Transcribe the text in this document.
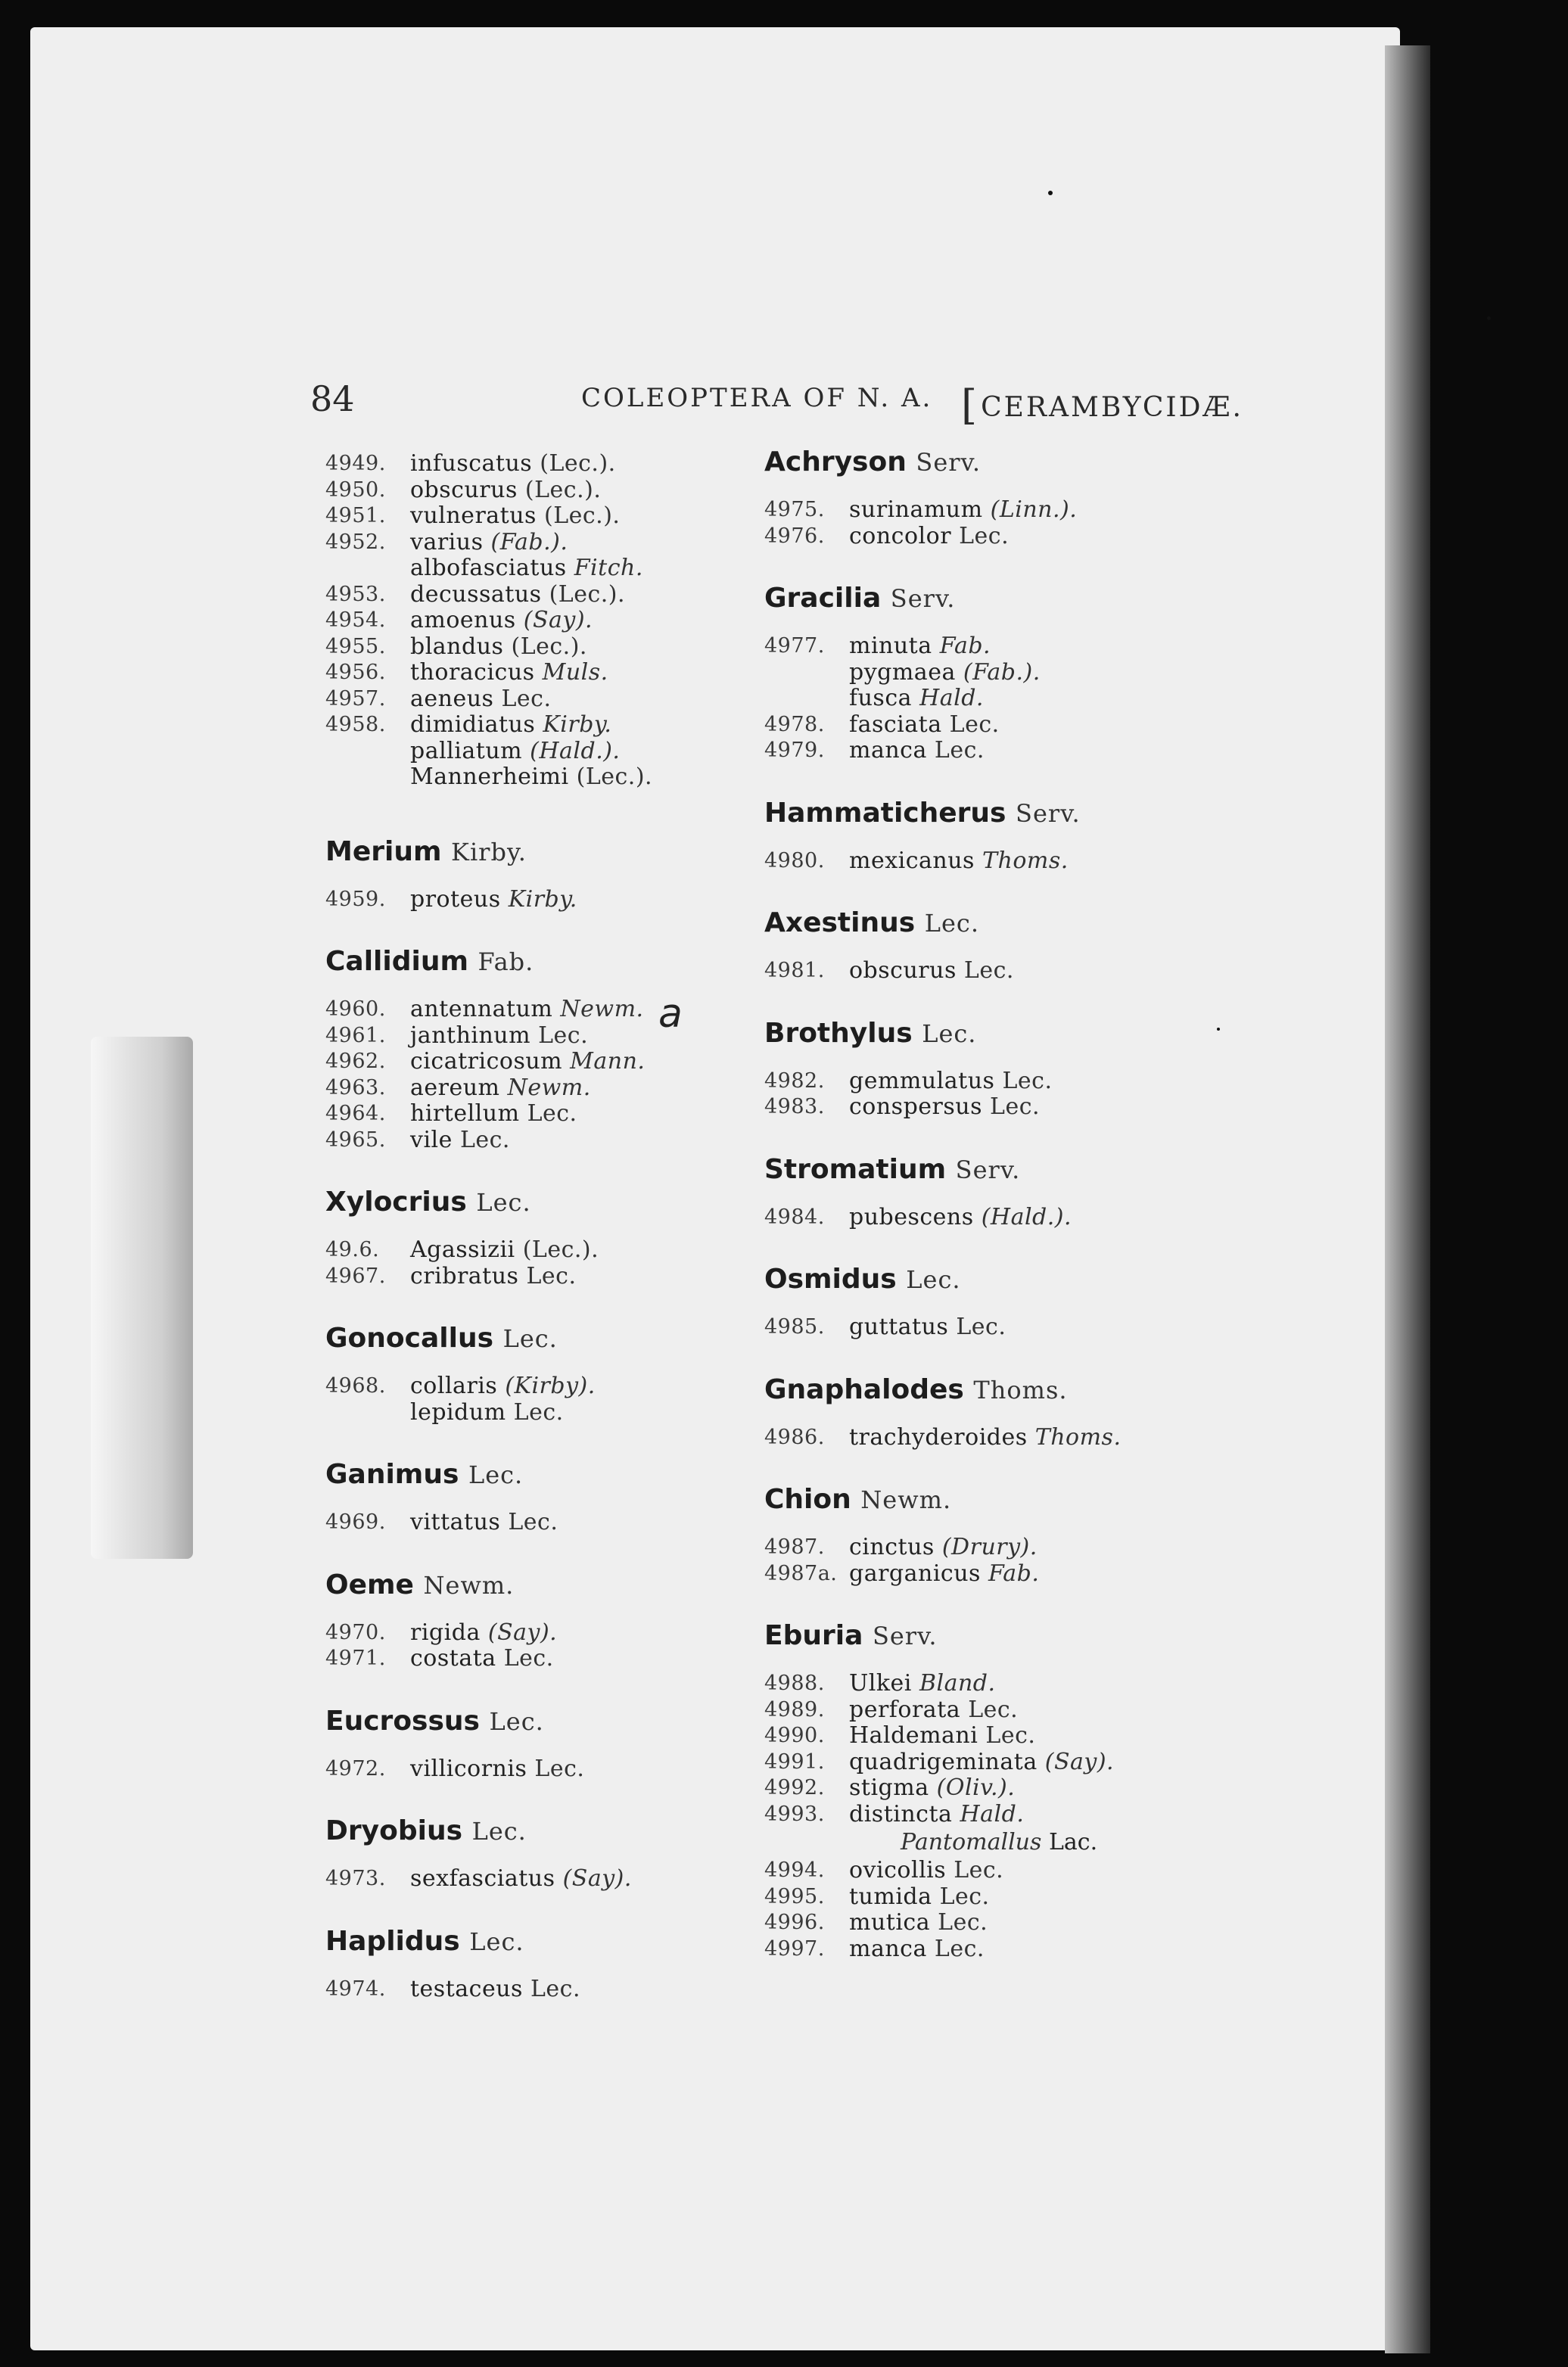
84	COLEOPTERA OF N. A. [CERAMBYCIDÆ.
a
4949.	infuscatus
(Lec.).
4950.	obscurus
(Lec.).
4951.	vulneratus
(Lec.).
4952.	varius
(Fab.).
albofasciatus
Fitch.
4953.	decussatus
(Lec.).
4954.	amoenus
(Say).
4955.	blandus
(Lec.).
4956.	thoracicus
Muls.
4957.	aeneus
Lec.
4958.	dimidiatus
Kirby.
palliatum
(Hald.).
Mannerheimi
(Lec.).
Merium Kirby.
4959.	proteus
Kirby.
Callidium Fab.
4960.	antennatum
Newm.
4961.	janthinum
Lec.
4962.	cicatricosum
Mann.
4963.	aereum
Newm.
4964.	hirtellum
Lec.
4965.	vile
Lec.
Xylocrius Lec.
49.6.	Agassizii
(Lec.).
4967.	cribratus
Lec.
Gonocallus Lec.
4968.	collaris
(Kirby).
lepidum
Lec.
Ganimus Lec.
4969.	vittatus
Lec.
Oeme Newm.
4970.	rigida
(Say).
4971.	costata
Lec.
Eucrossus Lec.
4972.	villicornis
Lec.
Dryobius Lec.
4973.	sexfasciatus
(Say).
Haplidus Lec.
4974.	testaceus
Lec.
Achryson Serv.
4975.	surinamum
(Linn.).
4976.	concolor
Lec.
Gracilia Serv.
4977.	minuta
Fab.
pygmaea
(Fab.).
fusca
Hald.
4978.	fasciata
Lec.
4979.	manca
Lec.
Hammaticherus Serv.
4980.	mexicanus
Thoms.
Axestinus Lec.
4981.	obscurus
Lec.
Brothylus Lec.
4982.	gemmulatus
Lec.
4983.	conspersus
Lec.
Stromatium Serv.
4984.	pubescens
(Hald.).
Osmidus Lec.
4985.	guttatus
Lec.
Gnaphalodes Thoms.
4986.	trachyderoides
Thoms.
Chion Newm.
4987.	cinctus
(Drury).
4987a. garganicus
Fab.
Eburia Serv.
4988.	Ulkei
Bland.
4989.	perforata
Lec.
4990.	Haldemani
Lec.
4991.	quadrigeminata
(Say).
4992.	stigma
(Oliv.).
4993.	distincta
Hald.
Pantomallus
Lac.
4994.	ovicollis
Lec.
4995.	tumida
Lec.
4996.	mutica
Lec.
4997.	manca
Lec.
